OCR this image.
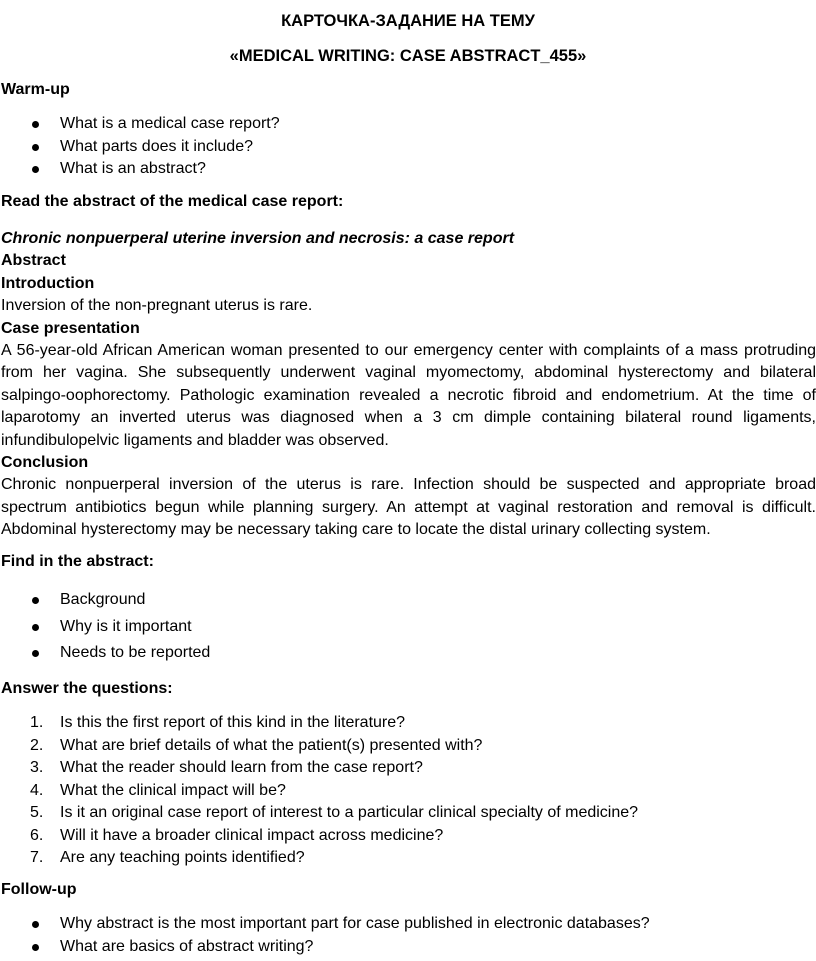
КАРТОЧКА-ЗАДАНИЕ НА ТЕМУ
«MEDICAL WRITING: CASE ABSTRACT_455»
Warm-up
What is a medical case report?
What parts does it include?
What is an abstract?
Read the abstract of the medical case report:
Chronic nonpuerperal uterine inversion and necrosis: a case report
Abstract
Introduction
Inversion of the non-pregnant uterus is rare.
Case presentation
A 56-year-old African American woman presented to our emergency center with complaints of a mass protruding from her vagina. She subsequently underwent vaginal myomectomy, abdominal hysterectomy and bilateral salpingo-oophorectomy. Pathologic examination revealed a necrotic fibroid and endometrium. At the time of laparotomy an inverted uterus was diagnosed when a 3 cm dimple containing bilateral round ligaments, infundibulopelvic ligaments and bladder was observed.
Conclusion
Chronic nonpuerperal inversion of the uterus is rare. Infection should be suspected and appropriate broad spectrum antibiotics begun while planning surgery. An attempt at vaginal restoration and removal is difficult. Abdominal hysterectomy may be necessary taking care to locate the distal urinary collecting system.
Find in the abstract:
Background
Why is it important
Needs to be reported
Answer the questions:
1. Is this the first report of this kind in the literature?
2. What are brief details of what the patient(s) presented with?
3. What the reader should learn from the case report?
4. What the clinical impact will be?
5. Is it an original case report of interest to a particular clinical specialty of medicine?
6. Will it have a broader clinical impact across medicine?
7. Are any teaching points identified?
Follow-up
Why abstract is the most important part for case published in electronic databases?
What are basics of abstract writing?
